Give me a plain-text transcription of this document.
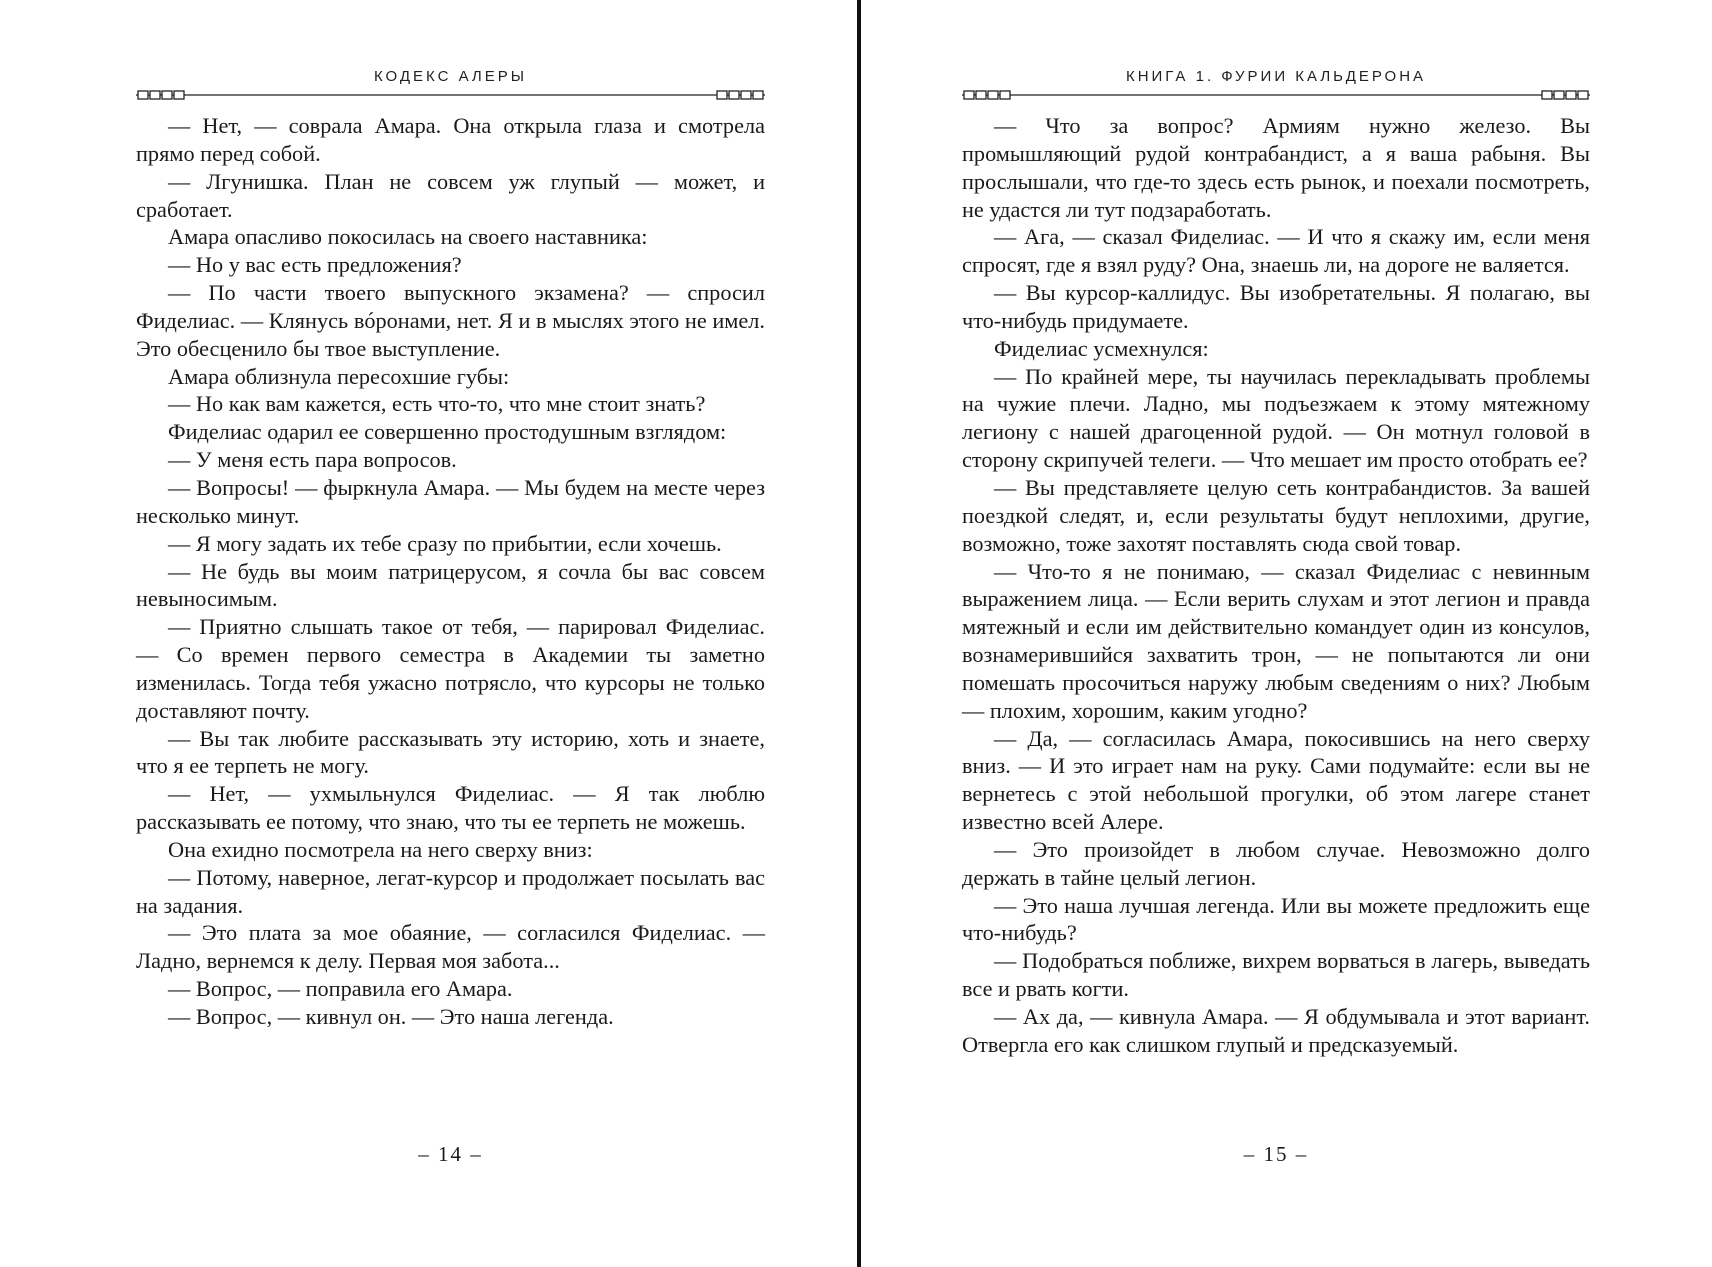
КОДЕКС АЛЕРЫ

— Нет, — соврала Амара. Она открыла глаза и смотрела прямо перед собой.

— Лгунишка. План не совсем уж глупый — может, и сработает.

Амара опасливо покосилась на своего наставника:

— Но у вас есть предложения?

— По части твоего выпускного экзамена? — спросил Фиделиас. — Клянусь вóронами, нет. Я и в мыслях этого не имел. Это обесценило бы твое выступление.

Амара облизнула пересохшие губы:

— Но как вам кажется, есть что-то, что мне стоит знать?

Фиделиас одарил ее совершенно простодушным взглядом:

— У меня есть пара вопросов.

— Вопросы! — фыркнула Амара. — Мы будем на месте через несколько минут.

— Я могу задать их тебе сразу по прибытии, если хочешь.

— Не будь вы моим патрицерусом, я сочла бы вас совсем невыносимым.

— Приятно слышать такое от тебя, — парировал Фиделиас. — Со времен первого семестра в Академии ты заметно изменилась. Тогда тебя ужасно потрясло, что курсоры не только доставляют почту.

— Вы так любите рассказывать эту историю, хоть и знаете, что я ее терпеть не могу.

— Нет, — ухмыльнулся Фиделиас. — Я так люблю рассказывать ее потому, что знаю, что ты ее терпеть не можешь.

Она ехидно посмотрела на него сверху вниз:

— Потому, наверное, легат-курсор и продолжает посылать вас на задания.

— Это плата за мое обаяние, — согласился Фиделиас. — Ладно, вернемся к делу. Первая моя забота...

— Вопрос, — поправила его Амара.

— Вопрос, — кивнул он. — Это наша легенда.

– 14 –
КНИГА 1. ФУРИИ КАЛЬДЕРОНА

— Что за вопрос? Армиям нужно железо. Вы промышляющий рудой контрабандист, а я ваша рабыня. Вы прослышали, что где-то здесь есть рынок, и поехали посмотреть, не удастся ли тут подзаработать.

— Ага, — сказал Фиделиас. — И что я скажу им, если меня спросят, где я взял руду? Она, знаешь ли, на дороге не валяется.

— Вы курсор-каллидус. Вы изобретательны. Я полагаю, вы что-нибудь придумаете.

Фиделиас усмехнулся:

— По крайней мере, ты научилась перекладывать проблемы на чужие плечи. Ладно, мы подъезжаем к этому мятежному легиону с нашей драгоценной рудой. — Он мотнул головой в сторону скрипучей телеги. — Что мешает им просто отобрать ее?

— Вы представляете целую сеть контрабандистов. За вашей поездкой следят, и, если результаты будут неплохими, другие, возможно, тоже захотят поставлять сюда свой товар.

— Что-то я не понимаю, — сказал Фиделиас с невинным выражением лица. — Если верить слухам и этот легион и правда мятежный и если им действительно командует один из консулов, вознамерившийся захватить трон, — не попытаются ли они помешать просочиться наружу любым сведениям о них? Любым — плохим, хорошим, каким угодно?

— Да, — согласилась Амара, покосившись на него сверху вниз. — И это играет нам на руку. Сами подумайте: если вы не вернетесь с этой небольшой прогулки, об этом лагере станет известно всей Алере.

— Это произойдет в любом случае. Невозможно долго держать в тайне целый легион.

— Это наша лучшая легенда. Или вы можете предложить еще что-нибудь?

— Подобраться поближе, вихрем ворваться в лагерь, выведать все и рвать когти.

— Ах да, — кивнула Амара. — Я обдумывала и этот вариант. Отвергла его как слишком глупый и предсказуемый.

– 15 –
